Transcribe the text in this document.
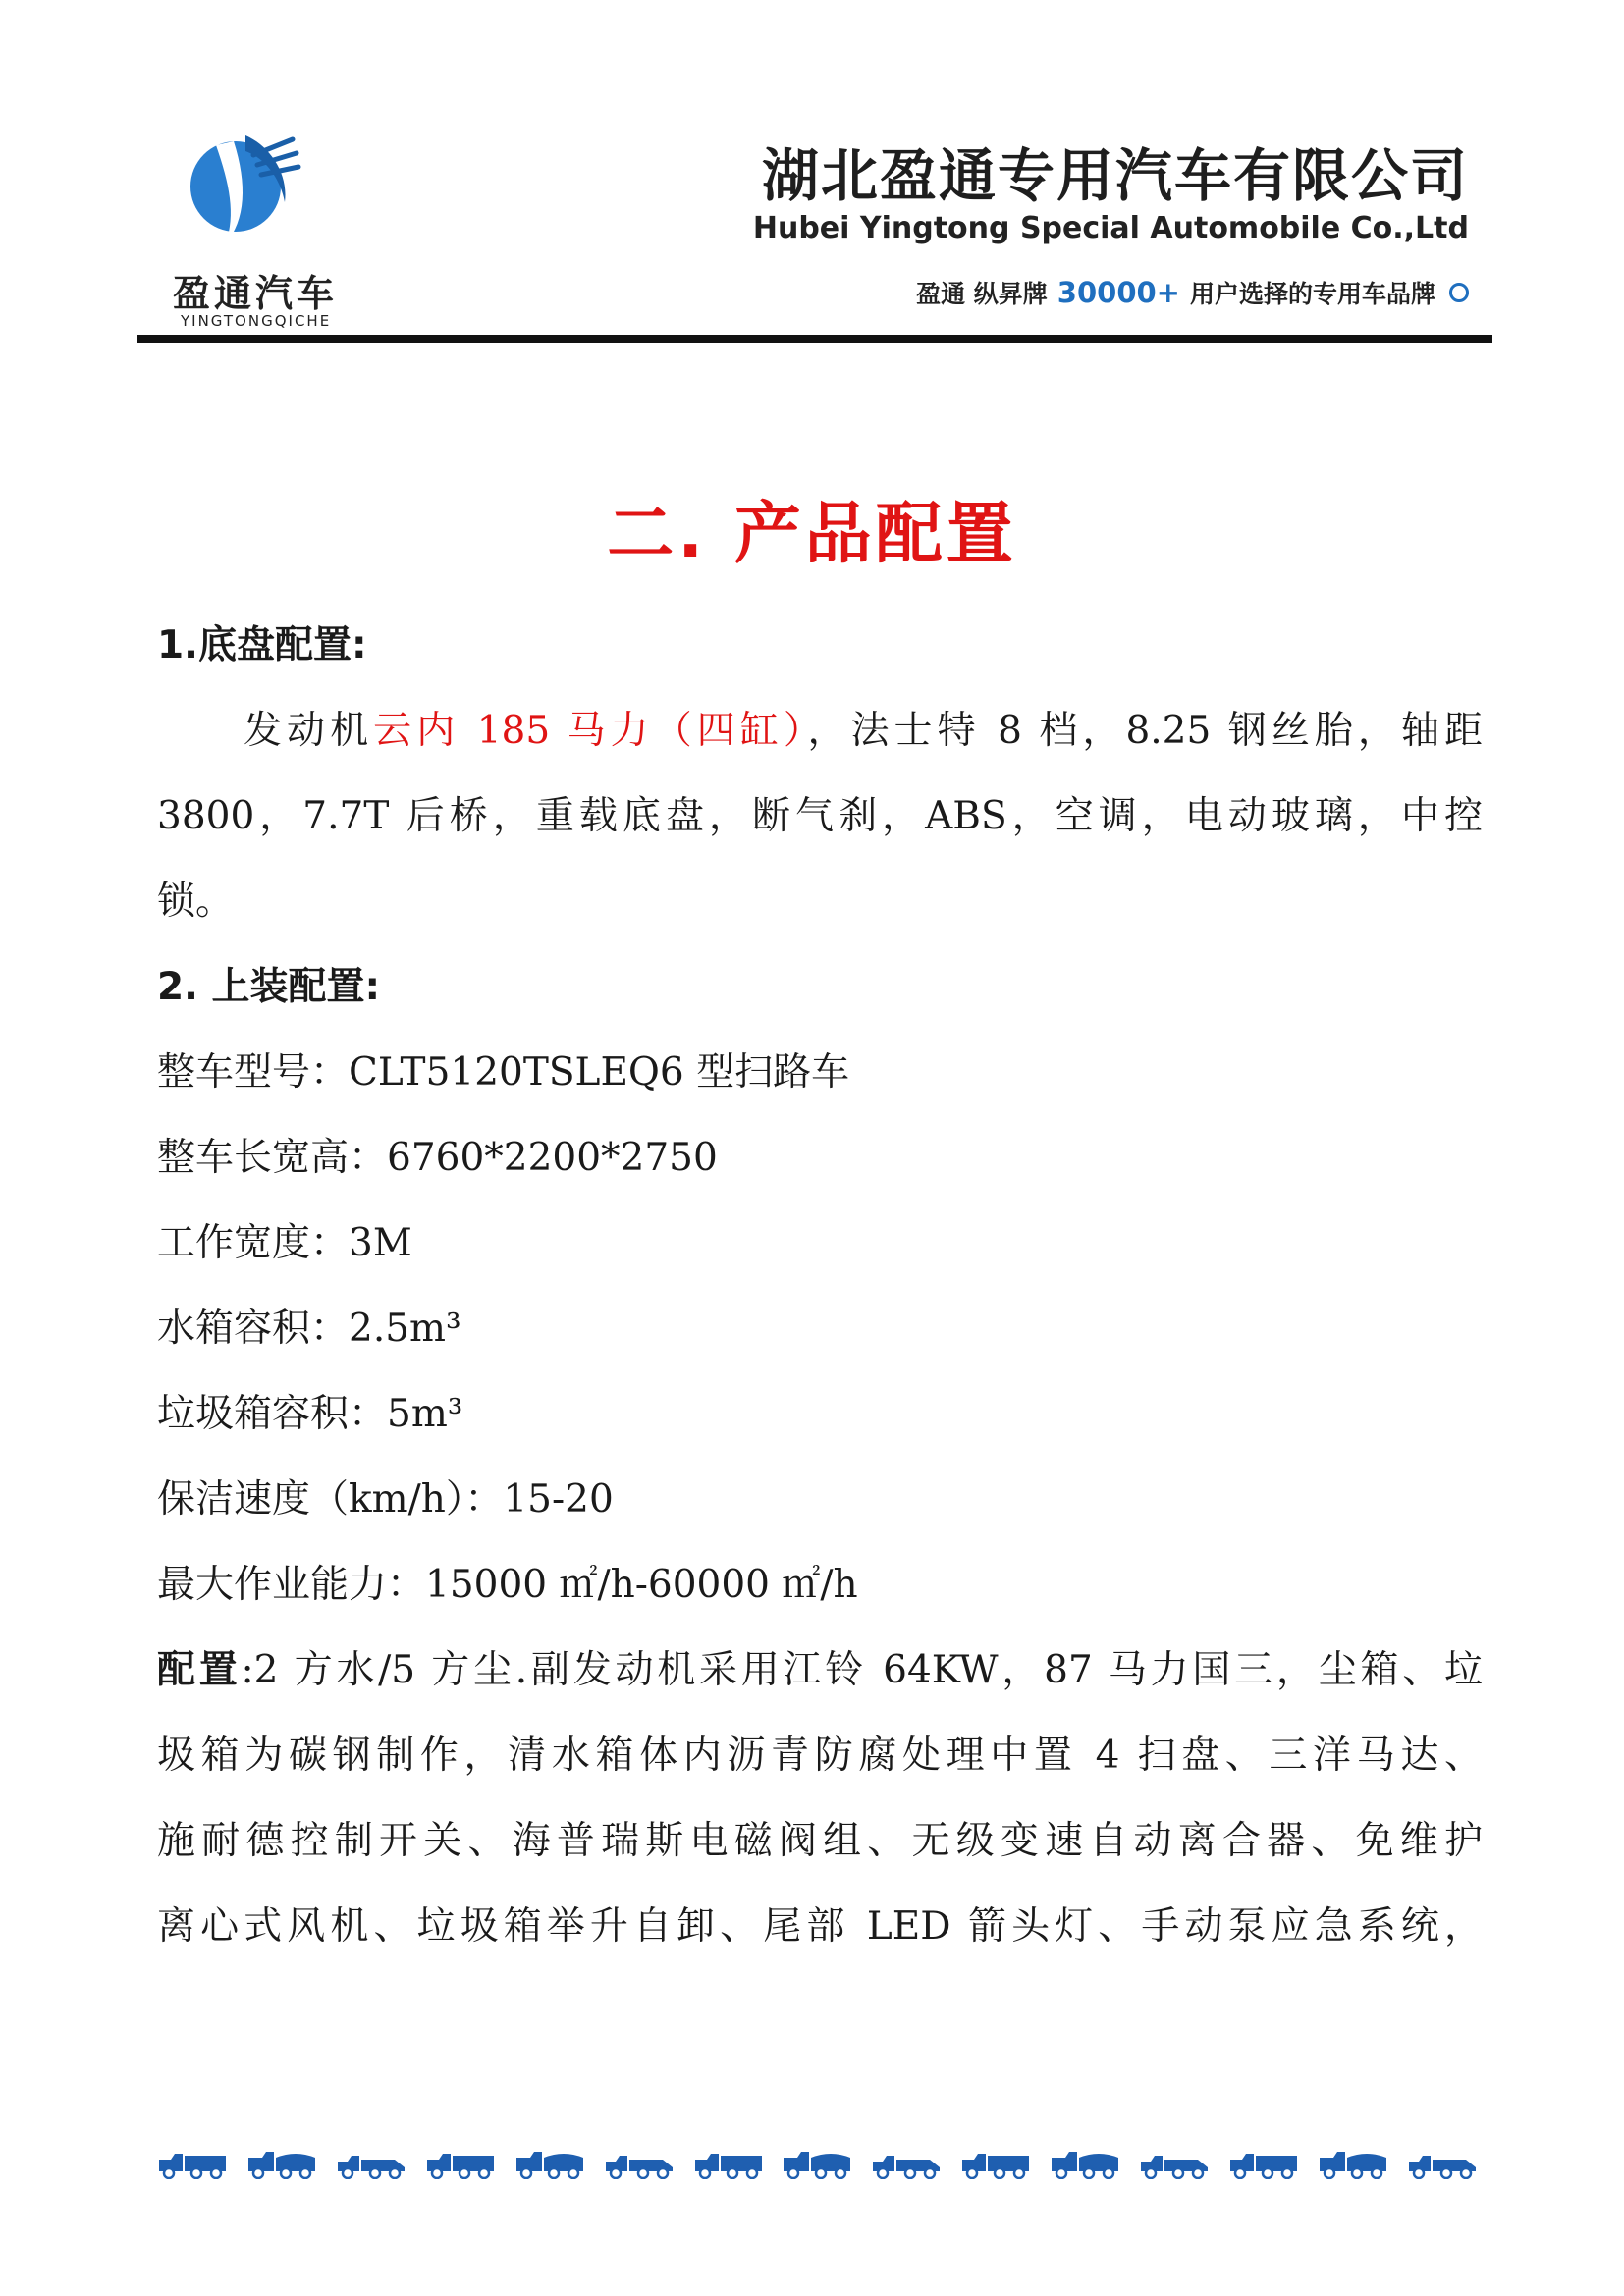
盈通汽车
YINGTONGQICHE
湖北盈通专用汽车有限公司
Hubei Yingtong Special Automobile Co.,Ltd
盈通 纵昇牌 30000+ 用户选择的专用车品牌
二. 产品配置
1.底盘配置:
发动机云内 185 马力（四缸），法士特 8 档，8.25 钢丝胎，轴距
3800，7.7T 后桥，重载底盘，断气刹，ABS，空调，电动玻璃，中控
锁。
2. 上装配置:
整车型号：CLT5120TSLEQ6 型扫路车
整车长宽高：6760*2200*2750
工作宽度：3M
水箱容积：2.5m³
垃圾箱容积：5m³
保洁速度（km/h）：15-20
最大作业能力：15000 ㎡/h-60000 ㎡/h
配置:2 方水/5 方尘.副发动机采用江铃 64KW，87 马力国三，尘箱、垃
圾箱为碳钢制作，清水箱体内沥青防腐处理中置 4 扫盘、三洋马达、
施耐德控制开关、海普瑞斯电磁阀组、无级变速自动离合器、免维护
离心式风机、垃圾箱举升自卸、尾部 LED 箭头灯、手动泵应急系统，
